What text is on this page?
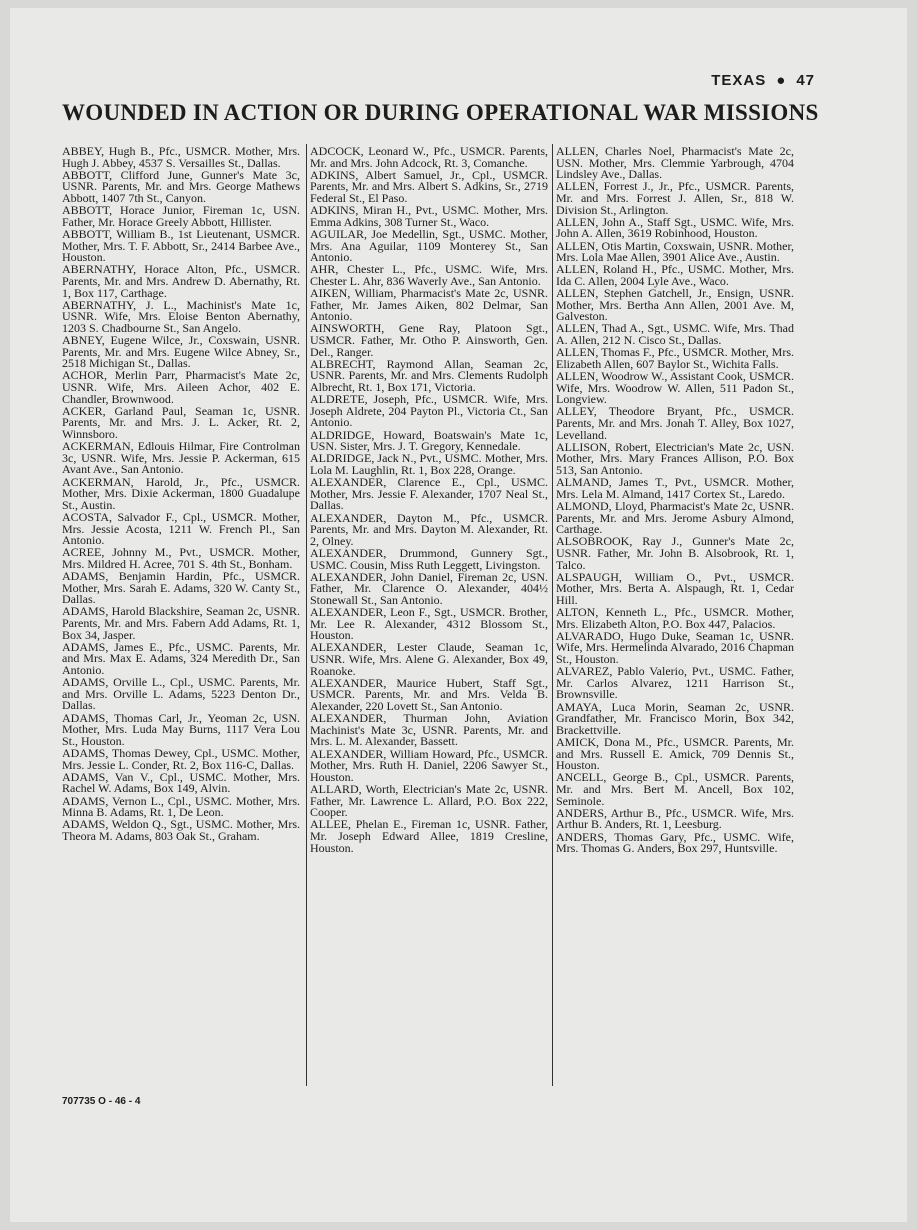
TEXAS ● 47
WOUNDED IN ACTION OR DURING OPERATIONAL WAR MISSIONS

ABBEY, Hugh B., Pfc., USMCR. Mother, Mrs. Hugh J. Abbey, 4537 S. Versailles St., Dallas.

ABBOTT, Clifford June, Gunner's Mate 3c, USNR. Parents, Mr. and Mrs. George Mathews Abbott, 1407 7th St., Canyon.

ABBOTT, Horace Junior, Fireman 1c, USN. Father, Mr. Horace Greely Abbott, Hillister.

ABBOTT, William B., 1st Lieutenant, USMCR. Mother, Mrs. T. F. Abbott, Sr., 2414 Barbee Ave., Houston.

ABERNATHY, Horace Alton, Pfc., USMCR. Parents, Mr. and Mrs. Andrew D. Abernathy, Rt. 1, Box 117, Carthage.

ABERNATHY, J. L., Machinist's Mate 1c, USNR. Wife, Mrs. Eloise Benton Abernathy, 1203 S. Chadbourne St., San Angelo.

ABNEY, Eugene Wilce, Jr., Coxswain, USNR. Parents, Mr. and Mrs. Eugene Wilce Abney, Sr., 2518 Michigan St., Dallas.

ACHOR, Merlin Parr, Pharmacist's Mate 2c, USNR. Wife, Mrs. Aileen Achor, 402 E. Chandler, Brownwood.

ACKER, Garland Paul, Seaman 1c, USNR. Parents, Mr. and Mrs. J. L. Acker, Rt. 2, Winnsboro.

ACKERMAN, Edlouis Hilmar, Fire Controlman 3c, USNR. Wife, Mrs. Jessie P. Ackerman, 615 Avant Ave., San Antonio.

ACKERMAN, Harold, Jr., Pfc., USMCR. Mother, Mrs. Dixie Ackerman, 1800 Guadalupe St., Austin.

ACOSTA, Salvador F., Cpl., USMCR. Mother, Mrs. Jessie Acosta, 1211 W. French Pl., San Antonio.

ACREE, Johnny M., Pvt., USMCR. Mother, Mrs. Mildred H. Acree, 701 S. 4th St., Bonham.

ADAMS, Benjamin Hardin, Pfc., USMCR. Mother, Mrs. Sarah E. Adams, 320 W. Canty St., Dallas.

ADAMS, Harold Blackshire, Seaman 2c, USNR. Parents, Mr. and Mrs. Fabern Add Adams, Rt. 1, Box 34, Jasper.

ADAMS, James E., Pfc., USMC. Parents, Mr. and Mrs. Max E. Adams, 324 Meredith Dr., San Antonio.

ADAMS, Orville L., Cpl., USMC. Parents, Mr. and Mrs. Orville L. Adams, 5223 Denton Dr., Dallas.

ADAMS, Thomas Carl, Jr., Yeoman 2c, USN. Mother, Mrs. Luda May Burns, 1117 Vera Lou St., Houston.

ADAMS, Thomas Dewey, Cpl., USMC. Mother, Mrs. Jessie L. Conder, Rt. 2, Box 116-C, Dallas.

ADAMS, Van V., Cpl., USMC. Mother, Mrs. Rachel W. Adams, Box 149, Alvin.

ADAMS, Vernon L., Cpl., USMC. Mother, Mrs. Minna B. Adams, Rt. 1, De Leon.

ADAMS, Weldon Q., Sgt., USMC. Mother, Mrs. Theora M. Adams, 803 Oak St., Graham.

ADCOCK, Leonard W., Pfc., USMCR. Parents, Mr. and Mrs. John Adcock, Rt. 3, Comanche.

ADKINS, Albert Samuel, Jr., Cpl., USMCR. Parents, Mr. and Mrs. Albert S. Adkins, Sr., 2719 Federal St., El Paso.

ADKINS, Miran H., Pvt., USMC. Mother, Mrs. Emma Adkins, 308 Turner St., Waco.

AGUILAR, Joe Medellin, Sgt., USMC. Mother, Mrs. Ana Aguilar, 1109 Monterey St., San Antonio.

AHR, Chester L., Pfc., USMC. Wife, Mrs. Chester L. Ahr, 836 Waverly Ave., San Antonio.

AIKEN, William, Pharmacist's Mate 2c, USNR. Father, Mr. James Aiken, 802 Delmar, San Antonio.

AINSWORTH, Gene Ray, Platoon Sgt., USMCR. Father, Mr. Otho P. Ainsworth, Gen. Del., Ranger.

ALBRECHT, Raymond Allan, Seaman 2c, USNR. Parents, Mr. and Mrs. Clements Rudolph Albrecht, Rt. 1, Box 171, Victoria.

ALDRETE, Joseph, Pfc., USMCR. Wife, Mrs. Joseph Aldrete, 204 Payton Pl., Victoria Ct., San Antonio.

ALDRIDGE, Howard, Boatswain's Mate 1c, USN. Sister, Mrs. J. T. Gregory, Kennedale.

ALDRIDGE, Jack N., Pvt., USMC. Mother, Mrs. Lola M. Laughlin, Rt. 1, Box 228, Orange.

ALEXANDER, Clarence E., Cpl., USMC. Mother, Mrs. Jessie F. Alexander, 1707 Neal St., Dallas.

ALEXANDER, Dayton M., Pfc., USMCR. Parents, Mr. and Mrs. Dayton M. Alexander, Rt. 2, Olney.

ALEXANDER, Drummond, Gunnery Sgt., USMC. Cousin, Miss Ruth Leggett, Livingston.

ALEXANDER, John Daniel, Fireman 2c, USN. Father, Mr. Clarence O. Alexander, 404½ Stonewall St., San Antonio.

ALEXANDER, Leon F., Sgt., USMCR. Brother, Mr. Lee R. Alexander, 4312 Blossom St., Houston.

ALEXANDER, Lester Claude, Seaman 1c, USNR. Wife, Mrs. Alene G. Alexander, Box 49, Roanoke.

ALEXANDER, Maurice Hubert, Staff Sgt., USMCR. Parents, Mr. and Mrs. Velda B. Alexander, 220 Lovett St., San Antonio.

ALEXANDER, Thurman John, Aviation Machinist's Mate 3c, USNR. Parents, Mr. and Mrs. L. M. Alexander, Bassett.

ALEXANDER, William Howard, Pfc., USMCR. Mother, Mrs. Ruth H. Daniel, 2206 Sawyer St., Houston.

ALLARD, Worth, Electrician's Mate 2c, USNR. Father, Mr. Lawrence L. Allard, P.O. Box 222, Cooper.

ALLEE, Phelan E., Fireman 1c, USNR. Father, Mr. Joseph Edward Allee, 1819 Cresline, Houston.

ALLEN, Charles Noel, Pharmacist's Mate 2c, USN. Mother, Mrs. Clemmie Yarbrough, 4704 Lindsley Ave., Dallas.

ALLEN, Forrest J., Jr., Pfc., USMCR. Parents, Mr. and Mrs. Forrest J. Allen, Sr., 818 W. Division St., Arlington.

ALLEN, John A., Staff Sgt., USMC. Wife, Mrs. John A. Allen, 3619 Robinhood, Houston.

ALLEN, Otis Martin, Coxswain, USNR. Mother, Mrs. Lola Mae Allen, 3901 Alice Ave., Austin.

ALLEN, Roland H., Pfc., USMC. Mother, Mrs. Ida C. Allen, 2004 Lyle Ave., Waco.

ALLEN, Stephen Gatchell, Jr., Ensign, USNR. Mother, Mrs. Bertha Ann Allen, 2001 Ave. M, Galveston.

ALLEN, Thad A., Sgt., USMC. Wife, Mrs. Thad A. Allen, 212 N. Cisco St., Dallas.

ALLEN, Thomas F., Pfc., USMCR. Mother, Mrs. Elizabeth Allen, 607 Baylor St., Wichita Falls.

ALLEN, Woodrow W., Assistant Cook, USMCR. Wife, Mrs. Woodrow W. Allen, 511 Padon St., Longview.

ALLEY, Theodore Bryant, Pfc., USMCR. Parents, Mr. and Mrs. Jonah T. Alley, Box 1027, Levelland.

ALLISON, Robert, Electrician's Mate 2c, USN. Mother, Mrs. Mary Frances Allison, P.O. Box 513, San Antonio.

ALMAND, James T., Pvt., USMCR. Mother, Mrs. Lela M. Almand, 1417 Cortex St., Laredo.

ALMOND, Lloyd, Pharmacist's Mate 2c, USNR. Parents, Mr. and Mrs. Jerome Asbury Almond, Carthage.

ALSOBROOK, Ray J., Gunner's Mate 2c, USNR. Father, Mr. John B. Alsobrook, Rt. 1, Talco.

ALSPAUGH, William O., Pvt., USMCR. Mother, Mrs. Berta A. Alspaugh, Rt. 1, Cedar Hill.

ALTON, Kenneth L., Pfc., USMCR. Mother, Mrs. Elizabeth Alton, P.O. Box 447, Palacios.

ALVARADO, Hugo Duke, Seaman 1c, USNR. Wife, Mrs. Hermelinda Alvarado, 2016 Chapman St., Houston.

ALVAREZ, Pablo Valerio, Pvt., USMC. Father, Mr. Carlos Alvarez, 1211 Harrison St., Brownsville.

AMAYA, Luca Morin, Seaman 2c, USNR. Grandfather, Mr. Francisco Morin, Box 342, Brackettville.

AMICK, Dona M., Pfc., USMCR. Parents, Mr. and Mrs. Russell E. Amick, 709 Dennis St., Houston.

ANCELL, George B., Cpl., USMCR. Parents, Mr. and Mrs. Bert M. Ancell, Box 102, Seminole.

ANDERS, Arthur B., Pfc., USMCR. Wife, Mrs. Arthur B. Anders, Rt. 1, Leesburg.

ANDERS, Thomas Gary, Pfc., USMC. Wife, Mrs. Thomas G. Anders, Box 297, Huntsville.

707735 O - 46 - 4
